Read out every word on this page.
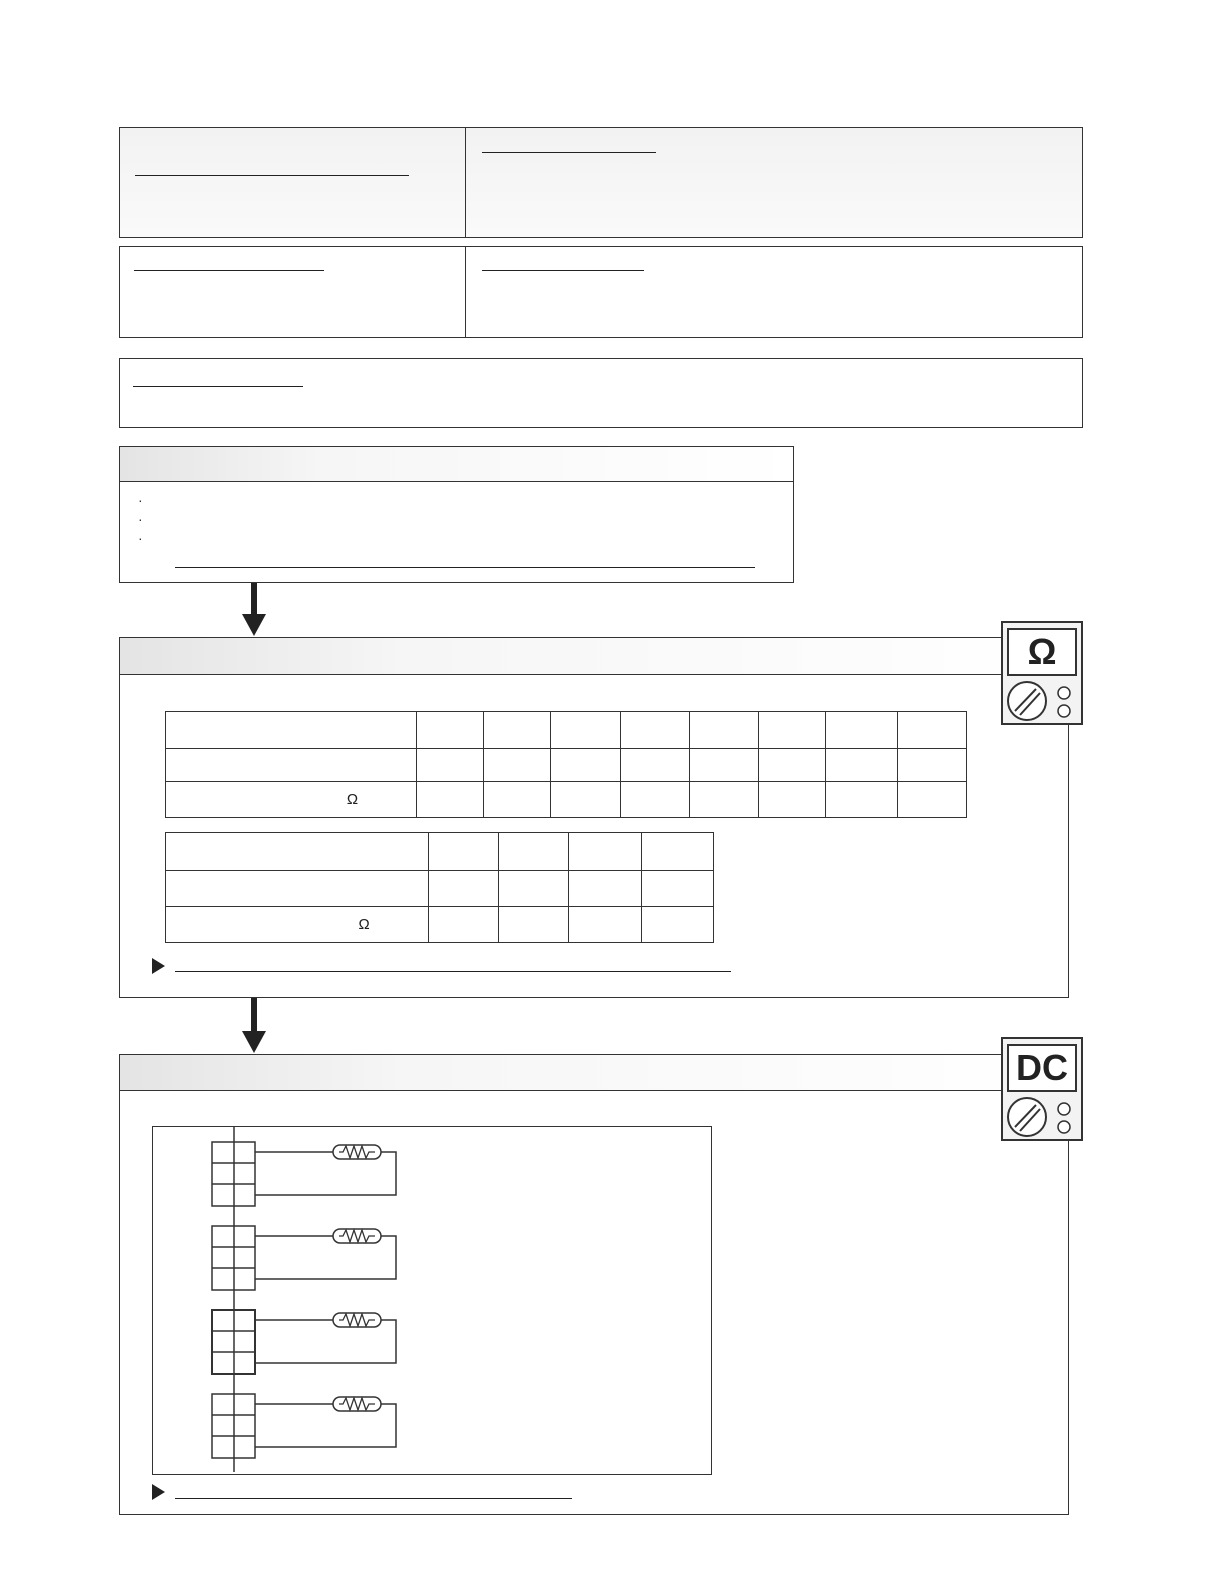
·
·
·

Ω								

Ω				
Ω
DC
